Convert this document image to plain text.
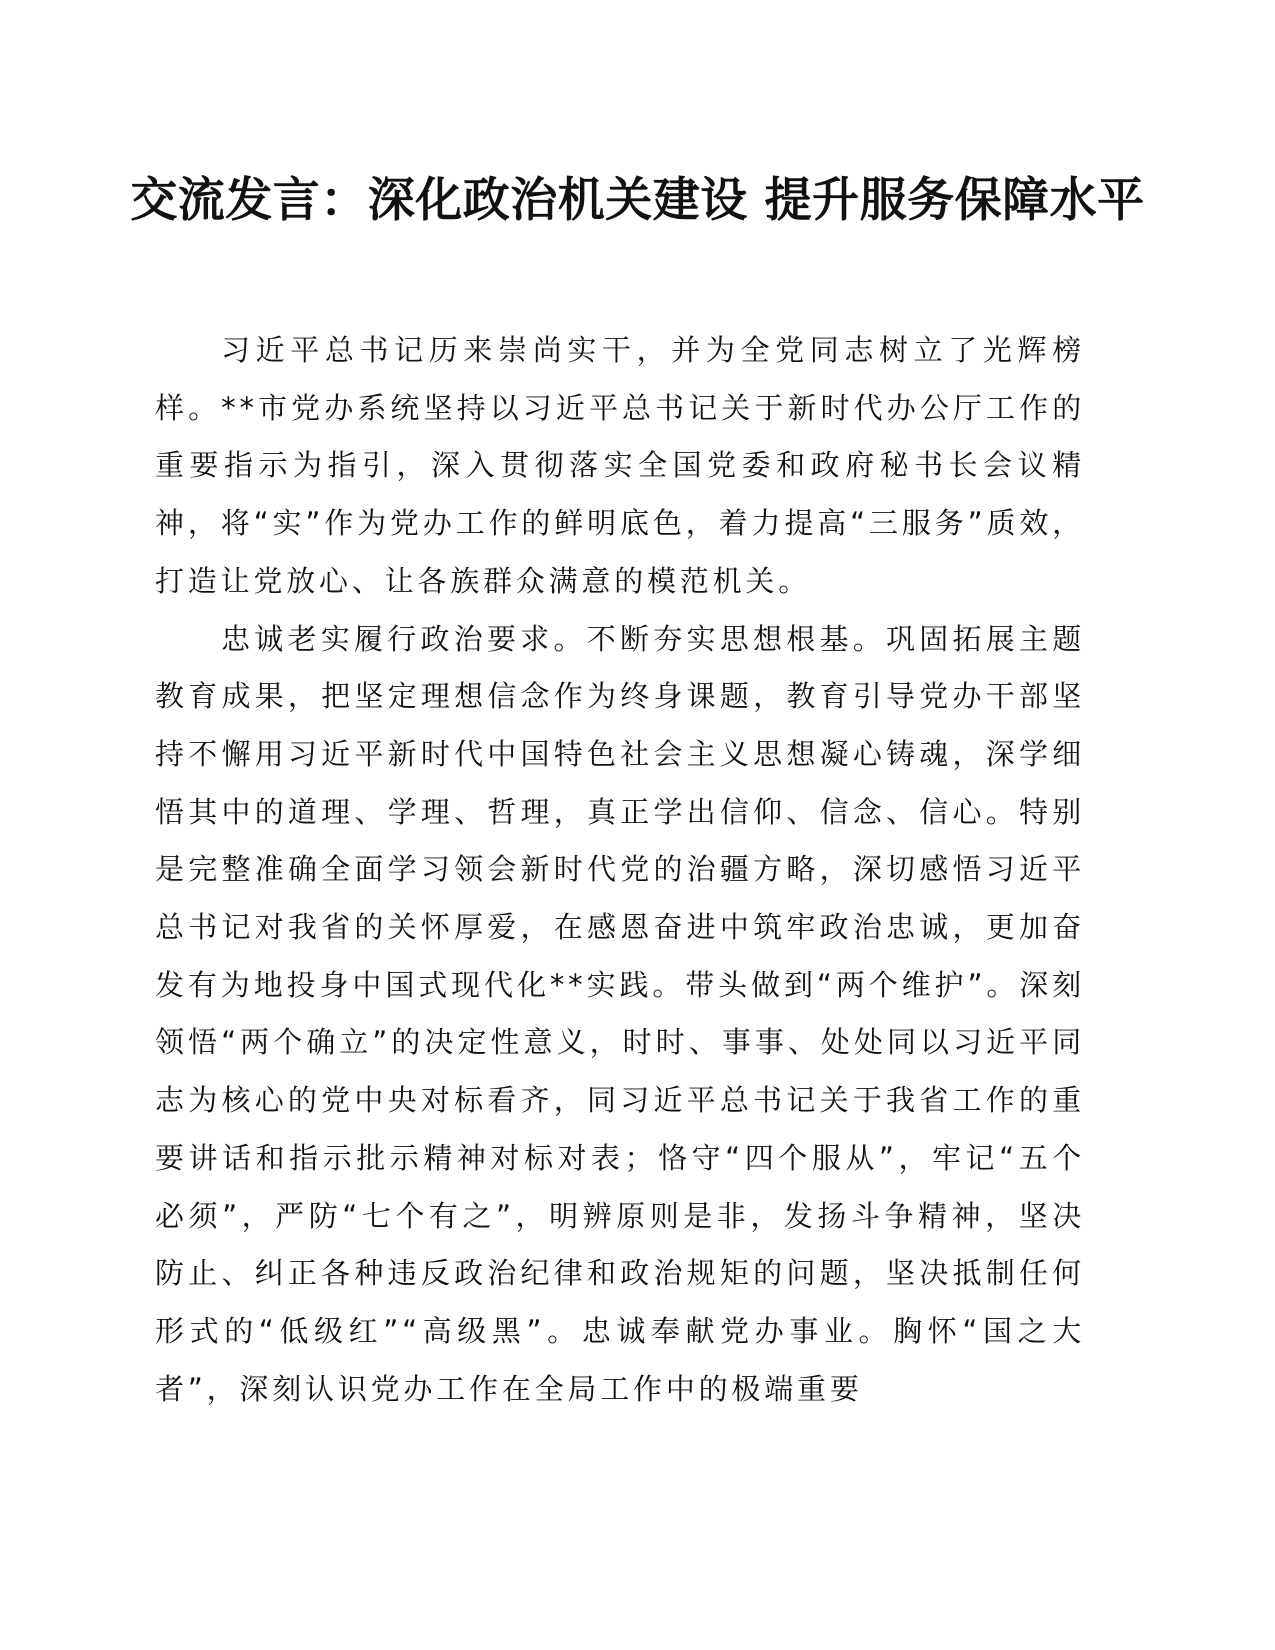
交流发言：深化政治机关建设 提升服务保障水平

习近平总书记历来崇尚实干，并为全党同志树立了光辉榜样。**市党办系统坚持以习近平总书记关于新时代办公厅工作的重要指示为指引，深入贯彻落实全国党委和政府秘书长会议精神，将“实”作为党办工作的鲜明底色，着力提高“三服务”质效，打造让党放心、让各族群众满意的模范机关。

忠诚老实履行政治要求。不断夯实思想根基。巩固拓展主题教育成果，把坚定理想信念作为终身课题，教育引导党办干部坚持不懈用习近平新时代中国特色社会主义思想凝心铸魂，深学细悟其中的道理、学理、哲理，真正学出信仰、信念、信心。特别是完整准确全面学习领会新时代党的治疆方略，深切感悟习近平总书记对我省的关怀厚爱，在感恩奋进中筑牢政治忠诚，更加奋发有为地投身中国式现代化**实践。带头做到“两个维护”。深刻领悟“两个确立”的决定性意义，时时、事事、处处同以习近平同志为核心的党中央对标看齐，同习近平总书记关于我省工作的重要讲话和指示批示精神对标对表；恪守“四个服从”，牢记“五个必须”，严防“七个有之”，明辨原则是非，发扬斗争精神，坚决防止、纠正各种违反政治纪律和政治规矩的问题，坚决抵制任何形式的“低级红”“高级黑”。忠诚奉献党办事业。胸怀“国之大者”，深刻认识党办工作在全局工作中的极端重要
